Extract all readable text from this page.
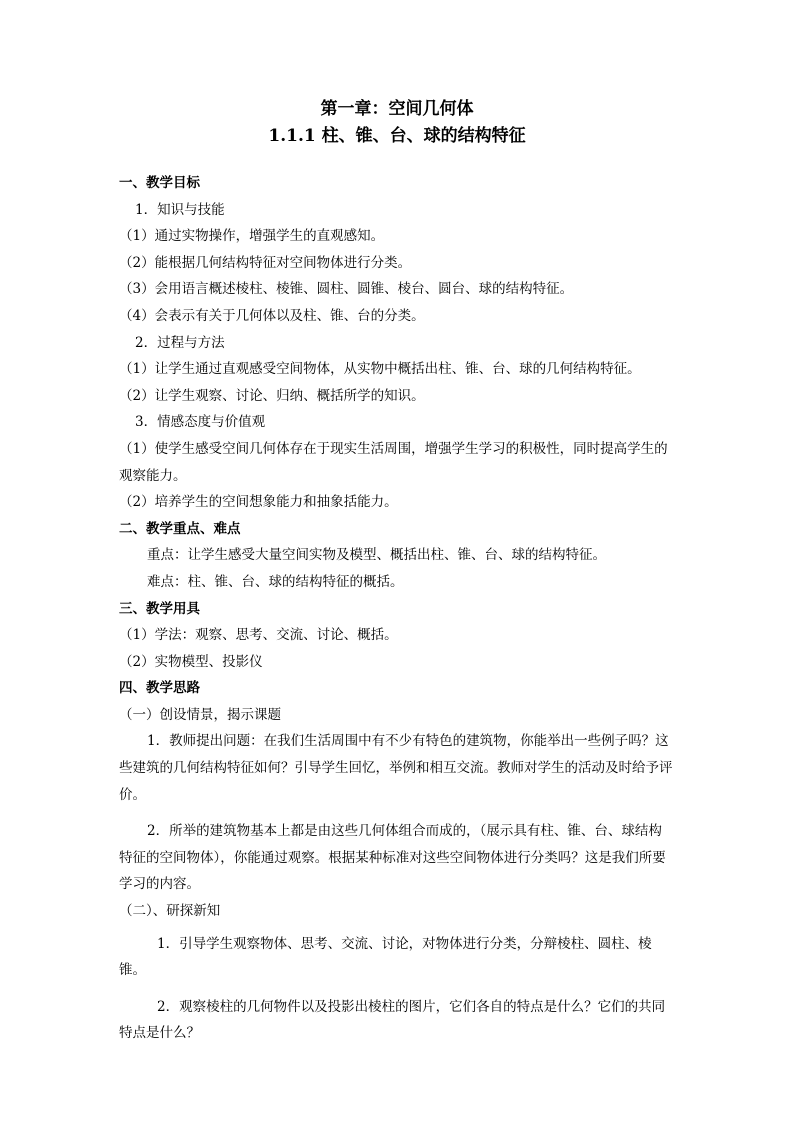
第一章：空间几何体

1.1.1 柱、锥、台、球的结构特征

一、教学目标

1．知识与技能

（1）通过实物操作，增强学生的直观感知。

（2）能根据几何结构特征对空间物体进行分类。

（3）会用语言概述棱柱、棱锥、圆柱、圆锥、棱台、圆台、球的结构特征。

（4）会表示有关于几何体以及柱、锥、台的分类。

2．过程与方法

（1）让学生通过直观感受空间物体，从实物中概括出柱、锥、台、球的几何结构特征。

（2）让学生观察、讨论、归纳、概括所学的知识。

3．情感态度与价值观

（1）使学生感受空间几何体存在于现实生活周围，增强学生学习的积极性，同时提高学生的观察能力。

（2）培养学生的空间想象能力和抽象括能力。

二、教学重点、难点

重点：让学生感受大量空间实物及模型、概括出柱、锥、台、球的结构特征。

难点：柱、锥、台、球的结构特征的概括。

三、教学用具

（1）学法：观察、思考、交流、讨论、概括。

（2）实物模型、投影仪

四、教学思路

（一）创设情景，揭示课题

1．教师提出问题：在我们生活周围中有不少有特色的建筑物，你能举出一些例子吗？这些建筑的几何结构特征如何？引导学生回忆，举例和相互交流。教师对学生的活动及时给予评价。

2．所举的建筑物基本上都是由这些几何体组合而成的，（展示具有柱、锥、台、球结构特征的空间物体），你能通过观察。根据某种标准对这些空间物体进行分类吗？这是我们所要学习的内容。

（二）、研探新知

1．引导学生观察物体、思考、交流、讨论，对物体进行分类，分辩棱柱、圆柱、棱锥。

2．观察棱柱的几何物件以及投影出棱柱的图片，它们各自的特点是什么？它们的共同特点是什么？
